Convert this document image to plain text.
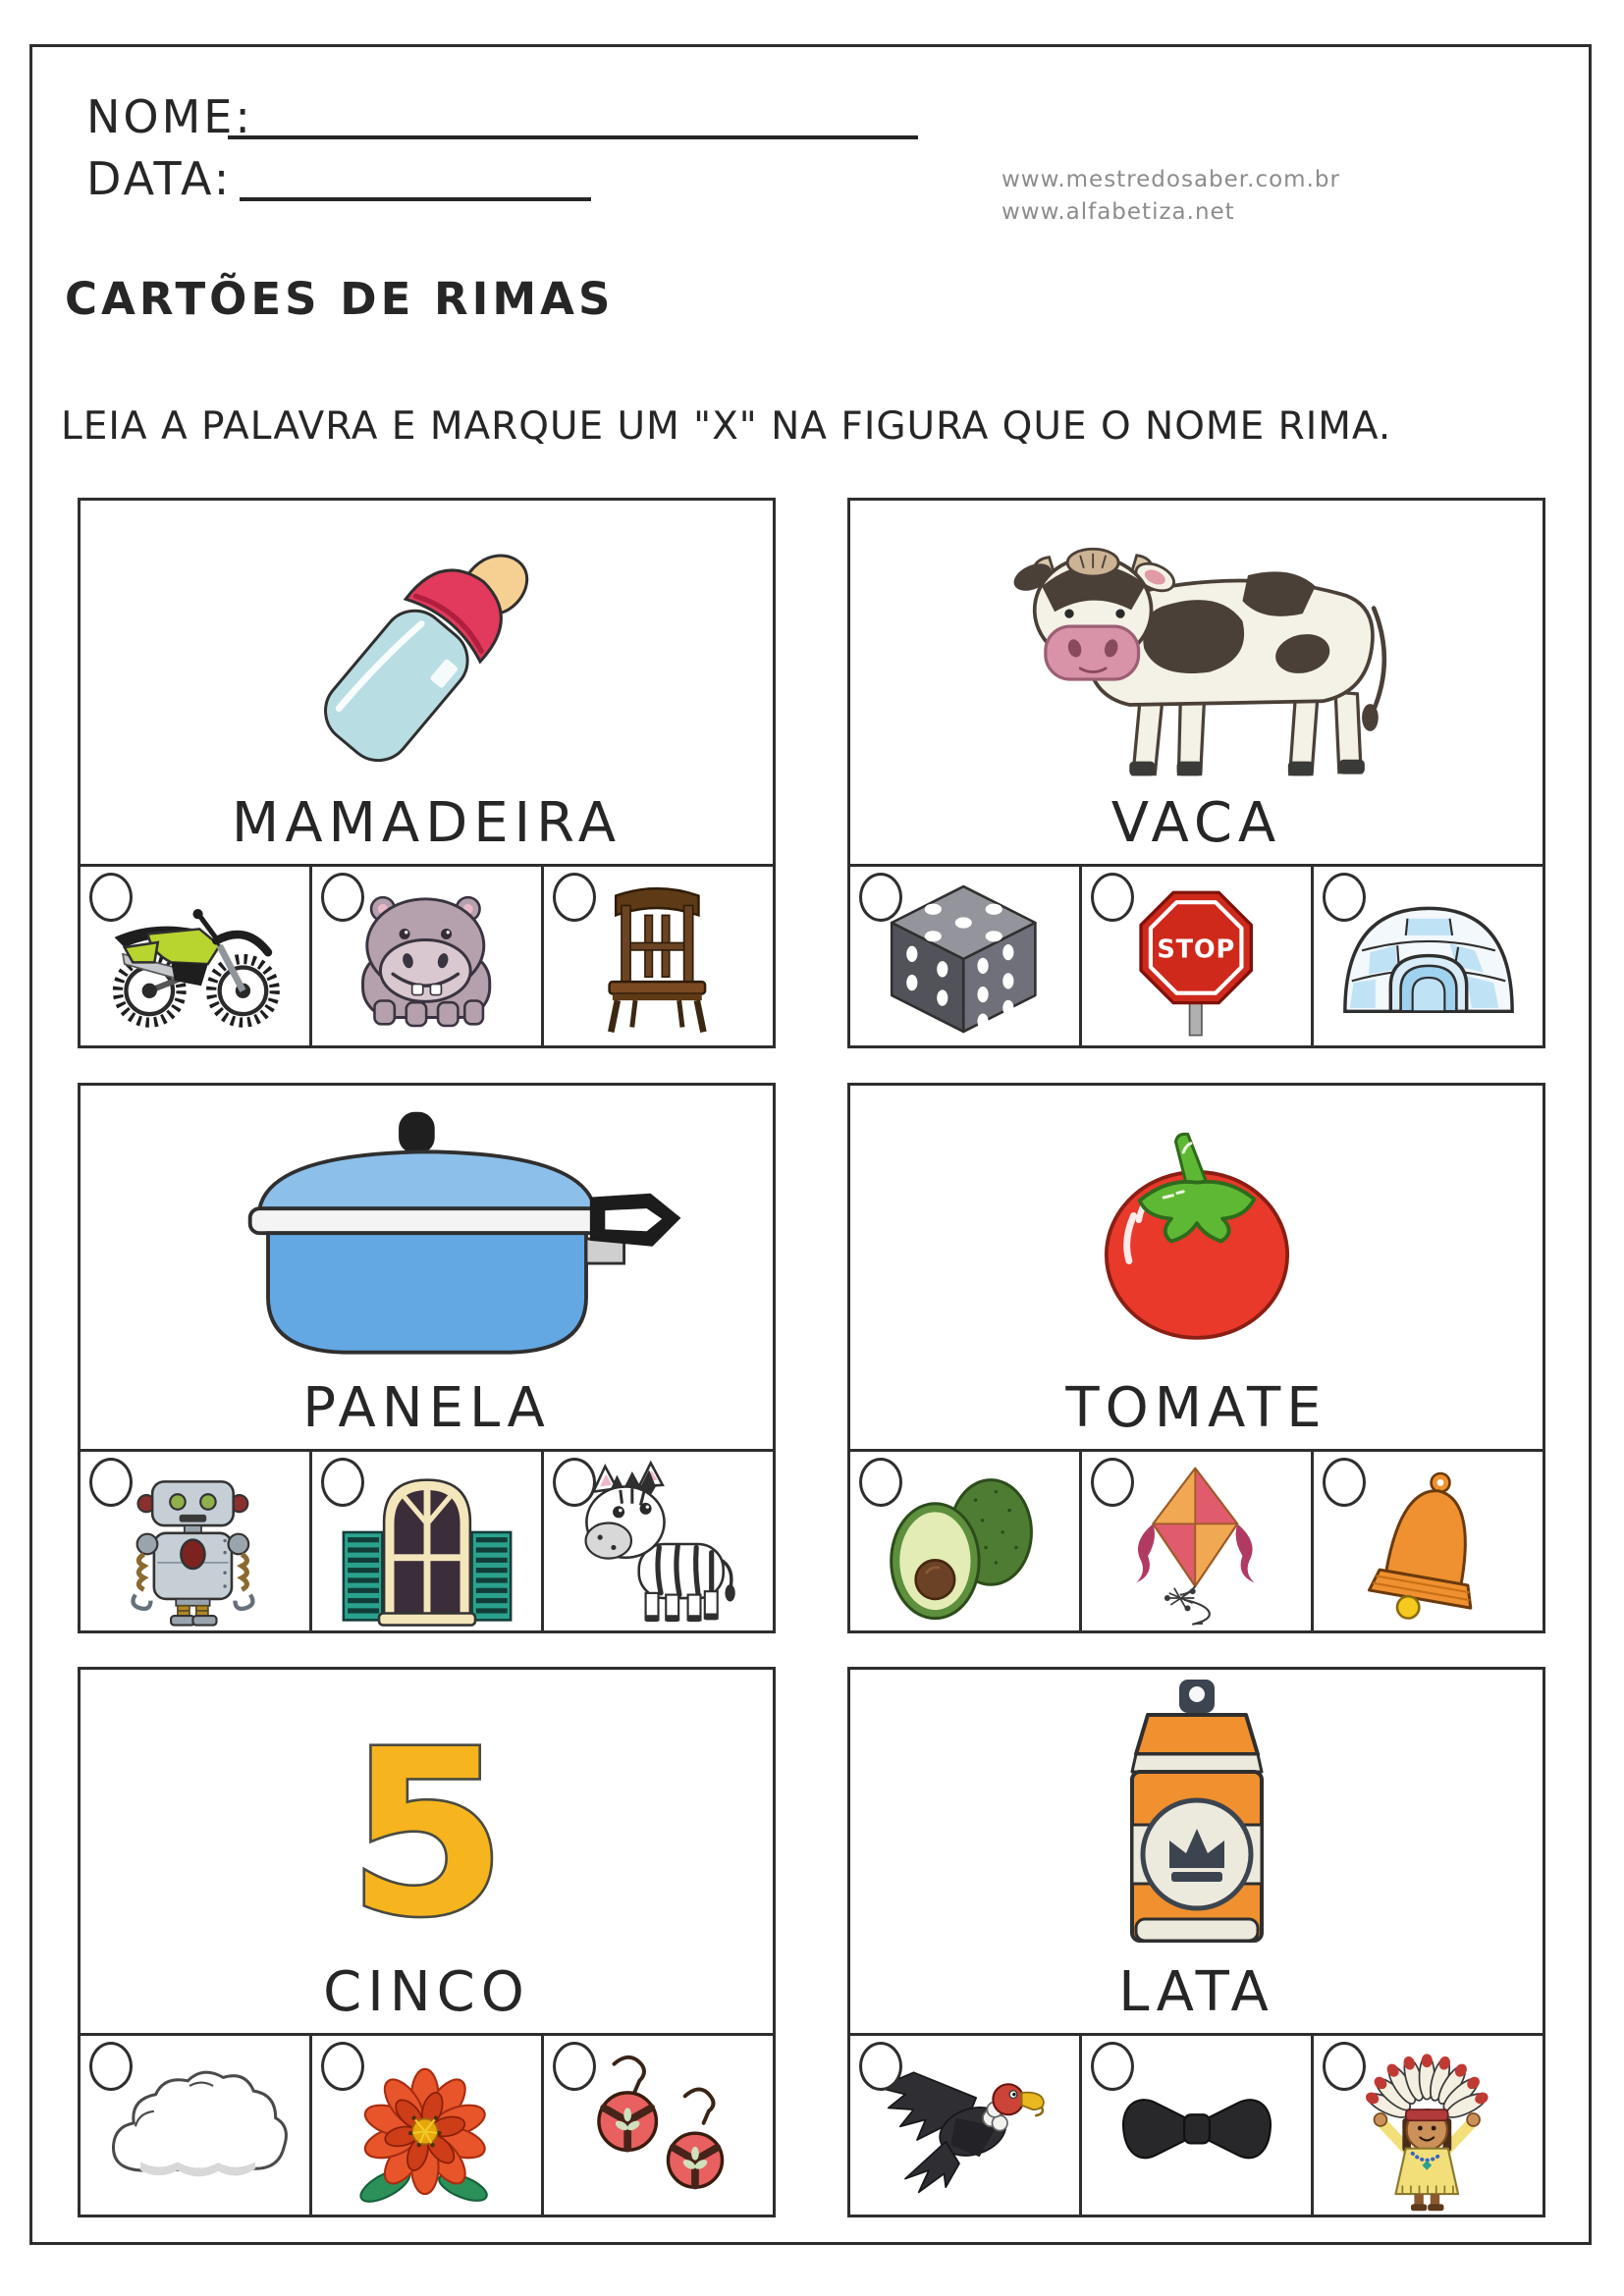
NOME:
DATA:	www.mestredosaber.com.br
www.alfabetiza.net
CARTÕES DE RIMAS
LEIA A PALAVRA E MARQUE UM "X" NA FIGURA QUE O NOME RIMA.
MAMADEIRA	VACA
STOP
PANELA	TOMATE
5
CINCO	LATA
